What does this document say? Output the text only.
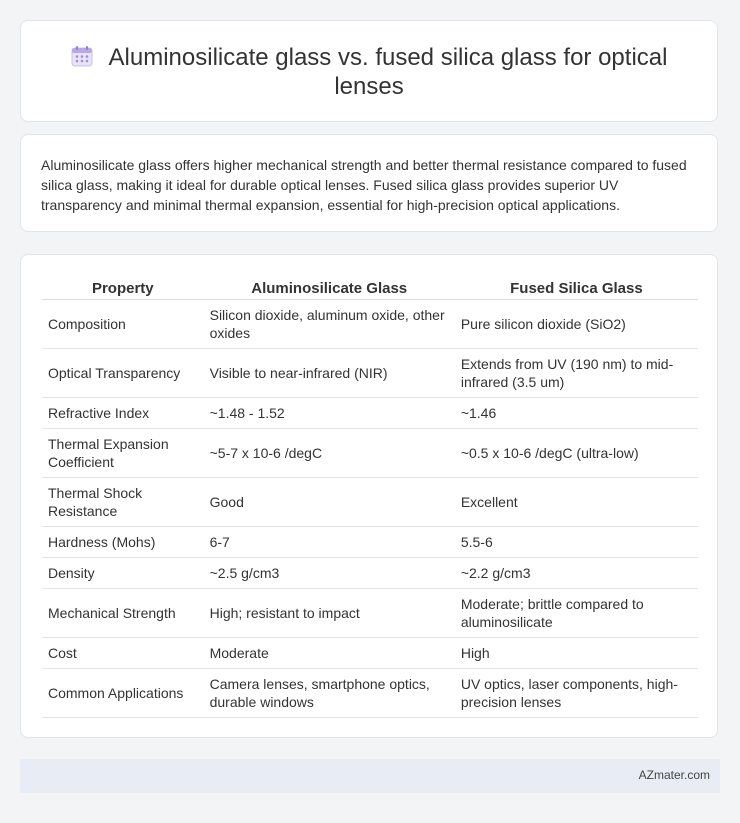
Aluminosilicate glass vs. fused silica glass for optical lenses
Aluminosilicate glass offers higher mechanical strength and better thermal resistance compared to fused silica glass, making it ideal for durable optical lenses. Fused silica glass provides superior UV transparency and minimal thermal expansion, essential for high-precision optical applications.
Property	Aluminosilicate Glass	Fused Silica Glass
Composition	Silicon dioxide, aluminum oxide, other oxides	Pure silicon dioxide (SiO2)
Optical Transparency	Visible to near-infrared (NIR)	Extends from UV (190 nm) to mid-infrared (3.5 um)
Refractive Index	~1.48 - 1.52	~1.46
Thermal Expansion Coefficient	~5-7 x 10-6 /degC	~0.5 x 10-6 /degC (ultra-low)
Thermal Shock Resistance	Good	Excellent
Hardness (Mohs)	6-7	5.5-6
Density	~2.5 g/cm3	~2.2 g/cm3
Mechanical Strength	High; resistant to impact	Moderate; brittle compared to aluminosilicate
Cost	Moderate	High
Common Applications	Camera lenses, smartphone optics, durable windows	UV optics, laser components, high-precision lenses
AZmater.com
